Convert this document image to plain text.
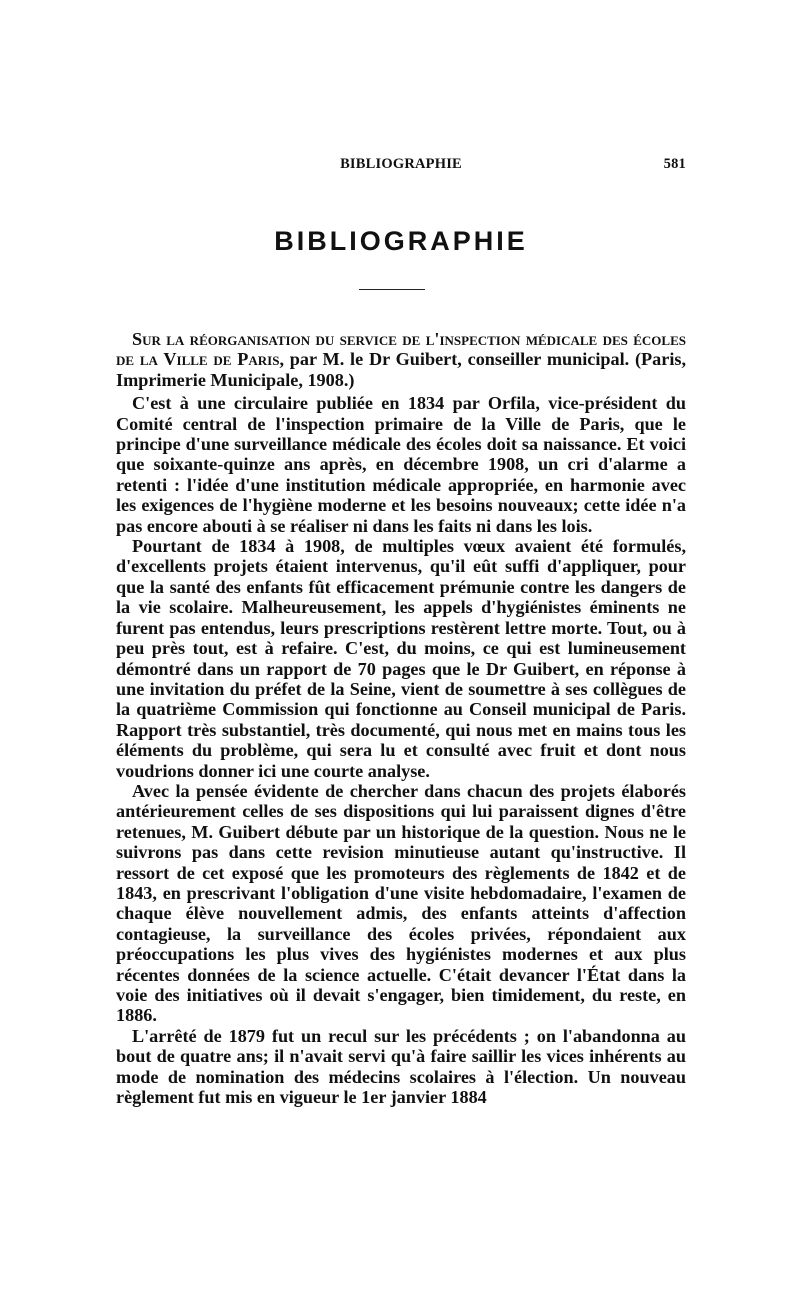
BIBLIOGRAPHIE	581
BIBLIOGRAPHIE

Sur la réorganisation du service de l'inspection médicale des écoles de la Ville de Paris, par M. le Dr Guibert, conseiller municipal. (Paris, Imprimerie Municipale, 1908.)

C'est à une circulaire publiée en 1834 par Orfila, vice-président du Comité central de l'inspection primaire de la Ville de Paris, que le principe d'une surveillance médicale des écoles doit sa naissance. Et voici que soixante-quinze ans après, en décembre 1908, un cri d'alarme a retenti : l'idée d'une institution médicale appropriée, en harmonie avec les exigences de l'hygiène moderne et les besoins nouveaux; cette idée n'a pas encore abouti à se réaliser ni dans les faits ni dans les lois.

Pourtant de 1834 à 1908, de multiples vœux avaient été formulés, d'excellents projets étaient intervenus, qu'il eût suffi d'appliquer, pour que la santé des enfants fût efficacement prémunie contre les dangers de la vie scolaire. Malheureusement, les appels d'hygiénistes éminents ne furent pas entendus, leurs prescriptions restèrent lettre morte. Tout, ou à peu près tout, est à refaire. C'est, du moins, ce qui est lumineusement démontré dans un rapport de 70 pages que le Dr Guibert, en réponse à une invitation du préfet de la Seine, vient de soumettre à ses collègues de la quatrième Commission qui fonctionne au Conseil municipal de Paris. Rapport très substantiel, très documenté, qui nous met en mains tous les éléments du problème, qui sera lu et consulté avec fruit et dont nous voudrions donner ici une courte analyse.

Avec la pensée évidente de chercher dans chacun des projets élaborés antérieurement celles de ses dispositions qui lui paraissent dignes d'être retenues, M. Guibert débute par un historique de la question. Nous ne le suivrons pas dans cette revision minutieuse autant qu'instructive. Il ressort de cet exposé que les promoteurs des règlements de 1842 et de 1843, en prescrivant l'obligation d'une visite hebdomadaire, l'examen de chaque élève nouvellement admis, des enfants atteints d'affection contagieuse, la surveillance des écoles privées, répondaient aux préoccupations les plus vives des hygiénistes modernes et aux plus récentes données de la science actuelle. C'était devancer l'État dans la voie des initiatives où il devait s'engager, bien timidement, du reste, en 1886.

L'arrêté de 1879 fut un recul sur les précédents ; on l'abandonna au bout de quatre ans; il n'avait servi qu'à faire saillir les vices inhérents au mode de nomination des médecins scolaires à l'élection. Un nouveau règlement fut mis en vigueur le 1er janvier 1884
